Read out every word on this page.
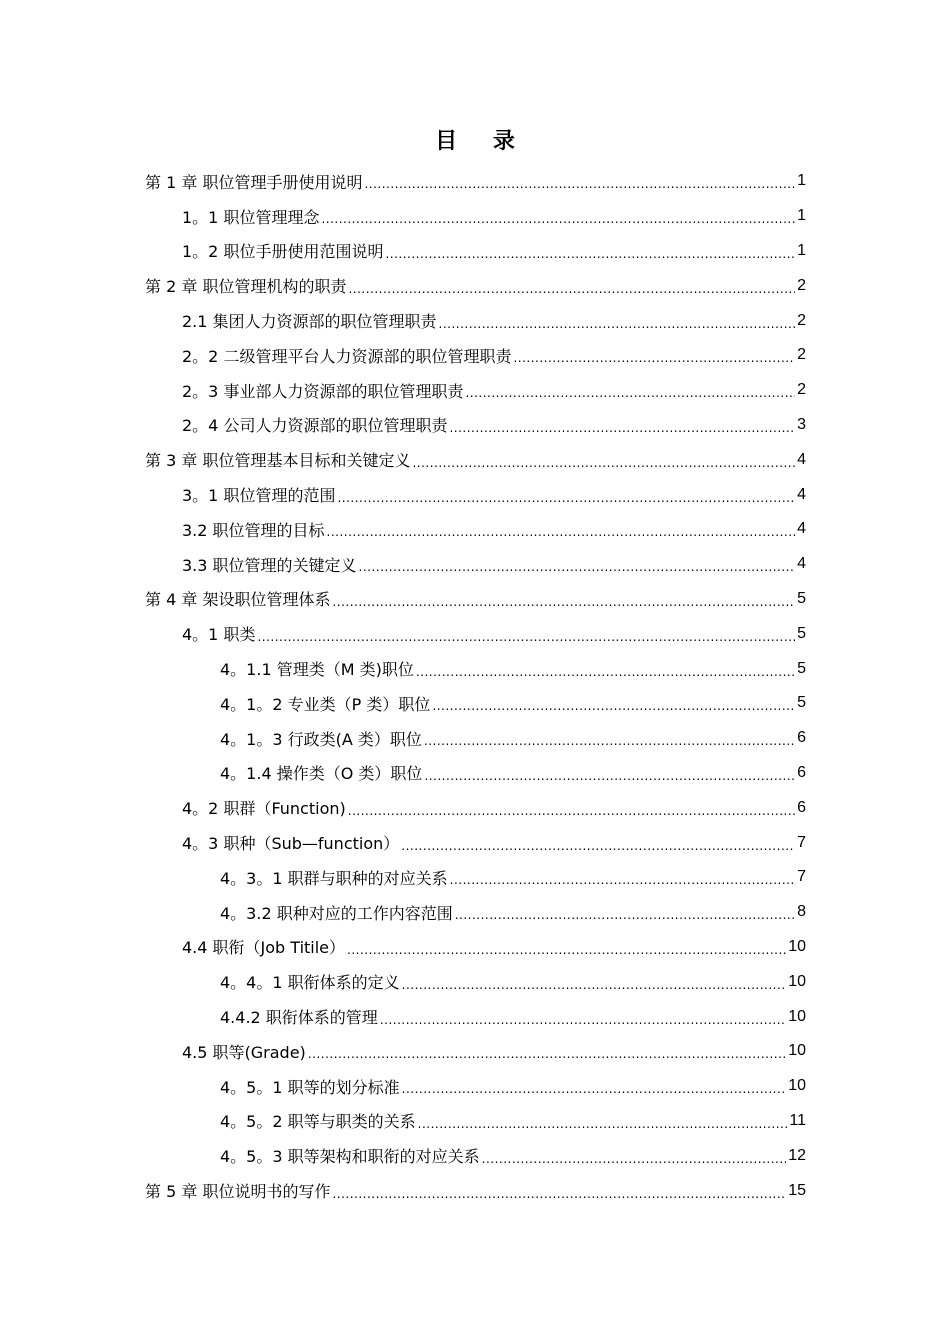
目 录
第 1 章 职位管理手册使用说明 .....	1
1。1 职位管理理念 .....	1
1。2 职位手册使用范围说明 .....	1
第 2 章 职位管理机构的职责 .....	2
2.1 集团人力资源部的职位管理职责 .....	2
2。2 二级管理平台人力资源部的职位管理职责 .....	2
2。3 事业部人力资源部的职位管理职责 .....	2
2。4 公司人力资源部的职位管理职责 .....	3
第 3 章 职位管理基本目标和关键定义 .....	4
3。1 职位管理的范围 .....	4
3.2 职位管理的目标 .....	4
3.3 职位管理的关键定义 .....	4
第 4 章 架设职位管理体系 .....	5
4。1 职类 .....	5
4。1.1 管理类（M 类)职位 .....	5
4。1。2 专业类（P 类）职位 .....	5
4。1。3 行政类(A 类）职位 .....	6
4。1.4 操作类（O 类）职位 .....	6
4。2 职群（Function) .....	6
4。3 职种（Sub—function） .....	7
4。3。1 职群与职种的对应关系 .....	7
4。3.2 职种对应的工作内容范围 .....	8
4.4 职衔（Job Titile） .....	10
4。4。1 职衔体系的定义 .....	10
4.4.2 职衔体系的管理 .....	10
4.5 职等(Grade) .....	10
4。5。1 职等的划分标准 .....	10
4。5。2 职等与职类的关系 .....	11
4。5。3 职等架构和职衔的对应关系 .....	12
第 5 章 职位说明书的写作 .....	15
